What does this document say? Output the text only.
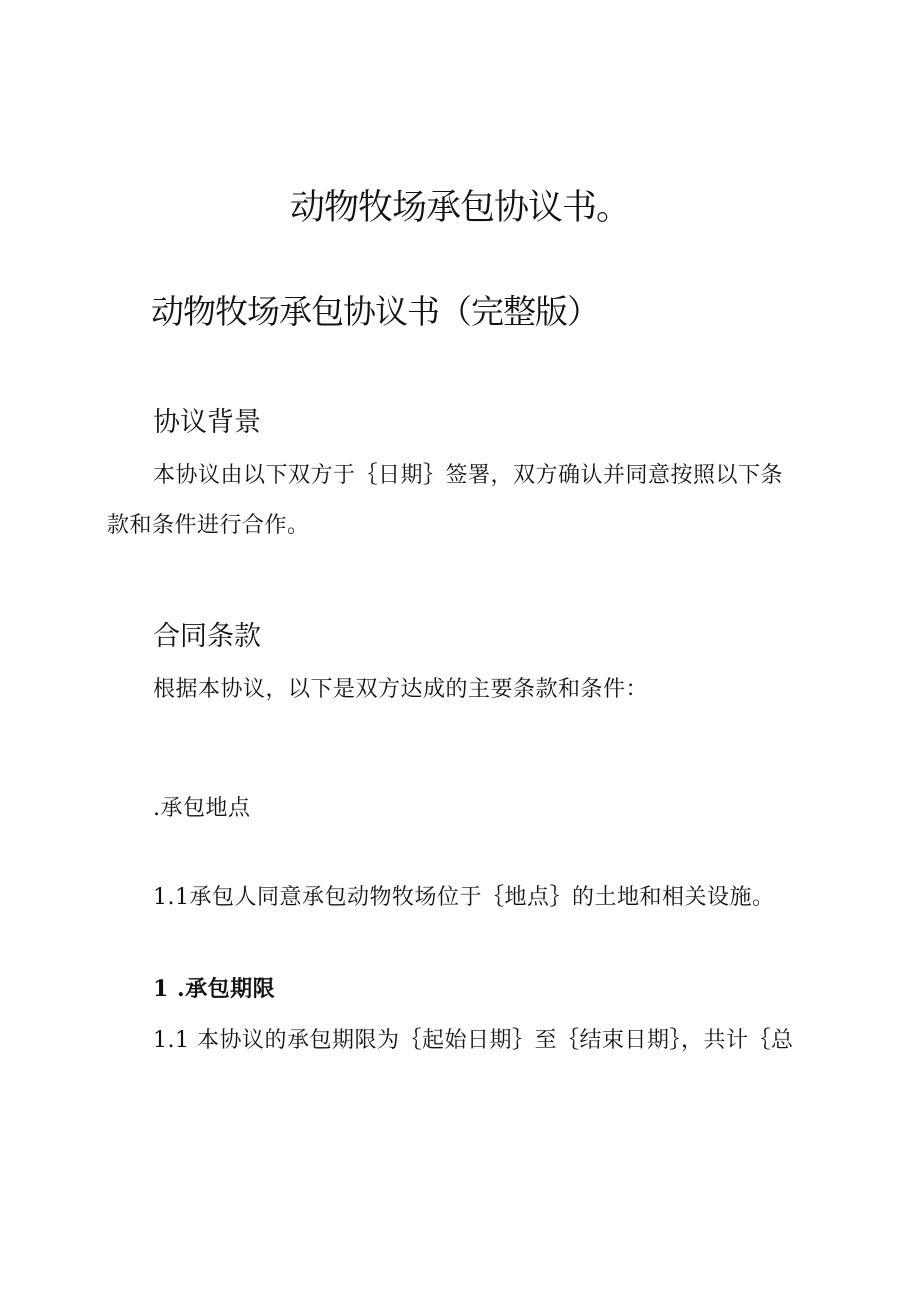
动物牧场承包协议书。
动物牧场承包协议书（完整版）
协议背景

本协议由以下双方于｛日期｝签署，双方确认并同意按照以下条

款和条件进行合作。

合同条款

根据本协议，以下是双方达成的主要条款和条件：

.承包地点

1.1承包人同意承包动物牧场位于｛地点｝的土地和相关设施。

1 .承包期限

1.1 本协议的承包期限为｛起始日期｝至｛结束日期｝，共计｛总
